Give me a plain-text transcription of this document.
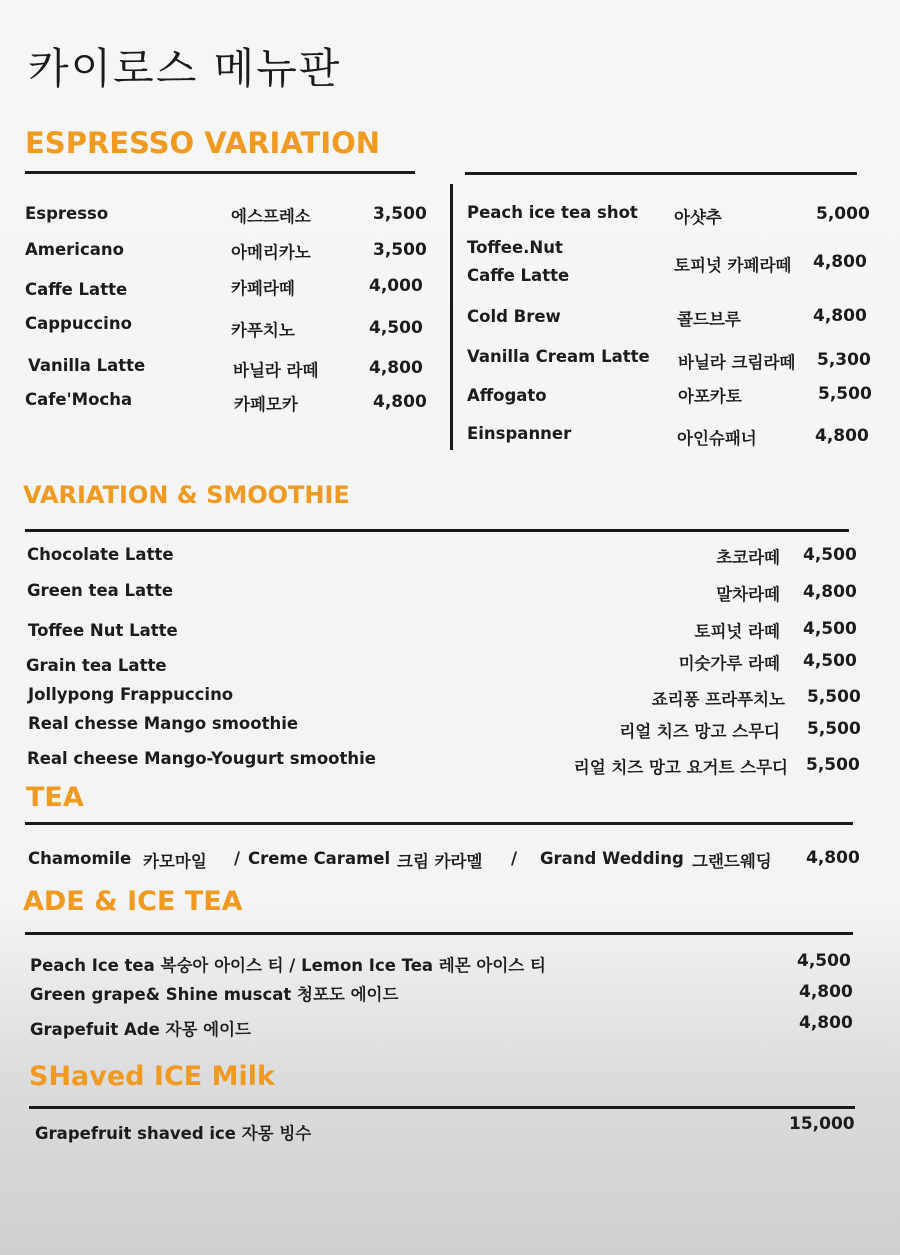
카이로스 메뉴판
ESPRESSO VARIATION
Espresso	에스프레소	3,500
Americano	아메리카노	3,500
Caffe Latte	카페라떼	4,000
Cappuccino	카푸치노	4,500
Vanilla Latte	바닐라 라떼	4,800
Cafe'Mocha	카페모카	4,800
Peach ice tea shot 아샷추	5,000
Toffee.Nut
Caffe Latte
토피넛 카페라떼 4,800
Cold Brew	콜드브루	4,800
Vanilla Cream Latte 바닐라 크림라떼 5,300
Affogato	아포카토	5,500
Einspanner	아인슈패너	4,800
VARIATION & SMOOTHIE
Chocolate Latte	초코라떼 4,500
Green tea Latte	말차라떼 4,800
Toffee Nut Latte	토피넛 라떼 4,500
Grain tea Latte	미숫가루 라떼 4,500
Jollypong Frappuccino	죠리퐁 프라푸치노 5,500
Real chesse Mango smoothie	리얼 치즈 망고 스무디 5,500
Real cheese Mango-Yougurt smoothie	리얼 치즈 망고 요거트 스무디 5,500
TEA
Chamomile 카모마일 / Creme Caramel 크림 카라멜 / Grand Wedding 그랜드웨딩 4,800
ADE & ICE TEA
Peach Ice tea 복숭아 아이스 티 / Lemon Ice Tea 레몬 아이스 티	4,500
Green grape& Shine muscat 청포도 에이드	4,800
Grapefuit Ade 자몽 에이드	4,800
SHaved ICE Milk
Grapefruit shaved ice 자몽 빙수	15,000
